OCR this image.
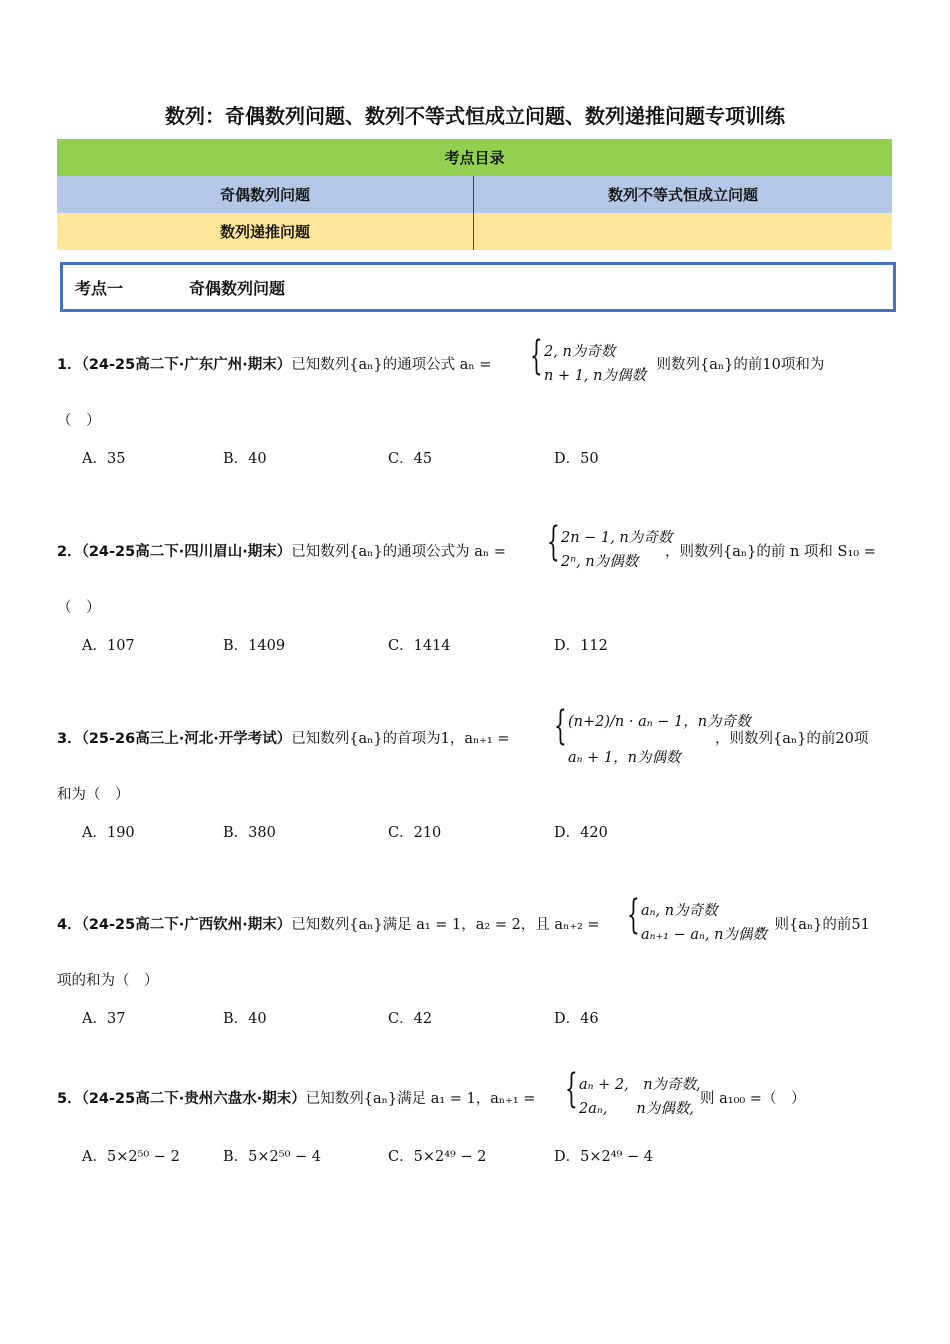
数列：奇偶数列问题、数列不等式恒成立问题、数列递推问题专项训练
考点目录	
奇偶数列问题	数列不等式恒成立问题
数列递推问题	
考点一	奇偶数列问题
1．（24-25高二下·广东广州·期末）已知数列{aₙ}的通项公式 aₙ = { 2, n为奇数
n + 1, n为偶数
，则数列{aₙ}的前10项和为
（　）
A．35	B．40	C．45	D．50
2．（24-25高二下·四川眉山·期末）已知数列{aₙ}的通项公式为 aₙ = { 2n − 1, n为奇数
2ⁿ, n为偶数
，则数列{aₙ}的前 n 项和 S₁₀ =
（　）
A．107	B．1409	C．1414	D．112
3．（25-26高三上·河北·开学考试）已知数列{aₙ}的首项为1，aₙ₊₁ = { (n+2)/n · aₙ − 1，n为奇数
aₙ + 1，n为偶数
，则数列{aₙ}的前20项
和为（　）
A．190	B．380	C．210	D．420
4．（24-25高二下·广西钦州·期末）已知数列{aₙ}满足 a₁ = 1，a₂ = 2，且 aₙ₊₂ = { aₙ, n为奇数
aₙ₊₁ − aₙ, n为偶数
，则{aₙ}的前51
项的和为（　）
A．37	B．40	C．42	D．46
5．（24-25高二下·贵州六盘水·期末）已知数列{aₙ}满足 a₁ = 1，aₙ₊₁ = { aₙ + 2,　n为奇数,
2aₙ,　　n为偶数,
则 a₁₀₀ =（　）
A．5×2⁵⁰ − 2	B．5×2⁵⁰ − 4	C．5×2⁴⁹ − 2	D．5×2⁴⁹ − 4
